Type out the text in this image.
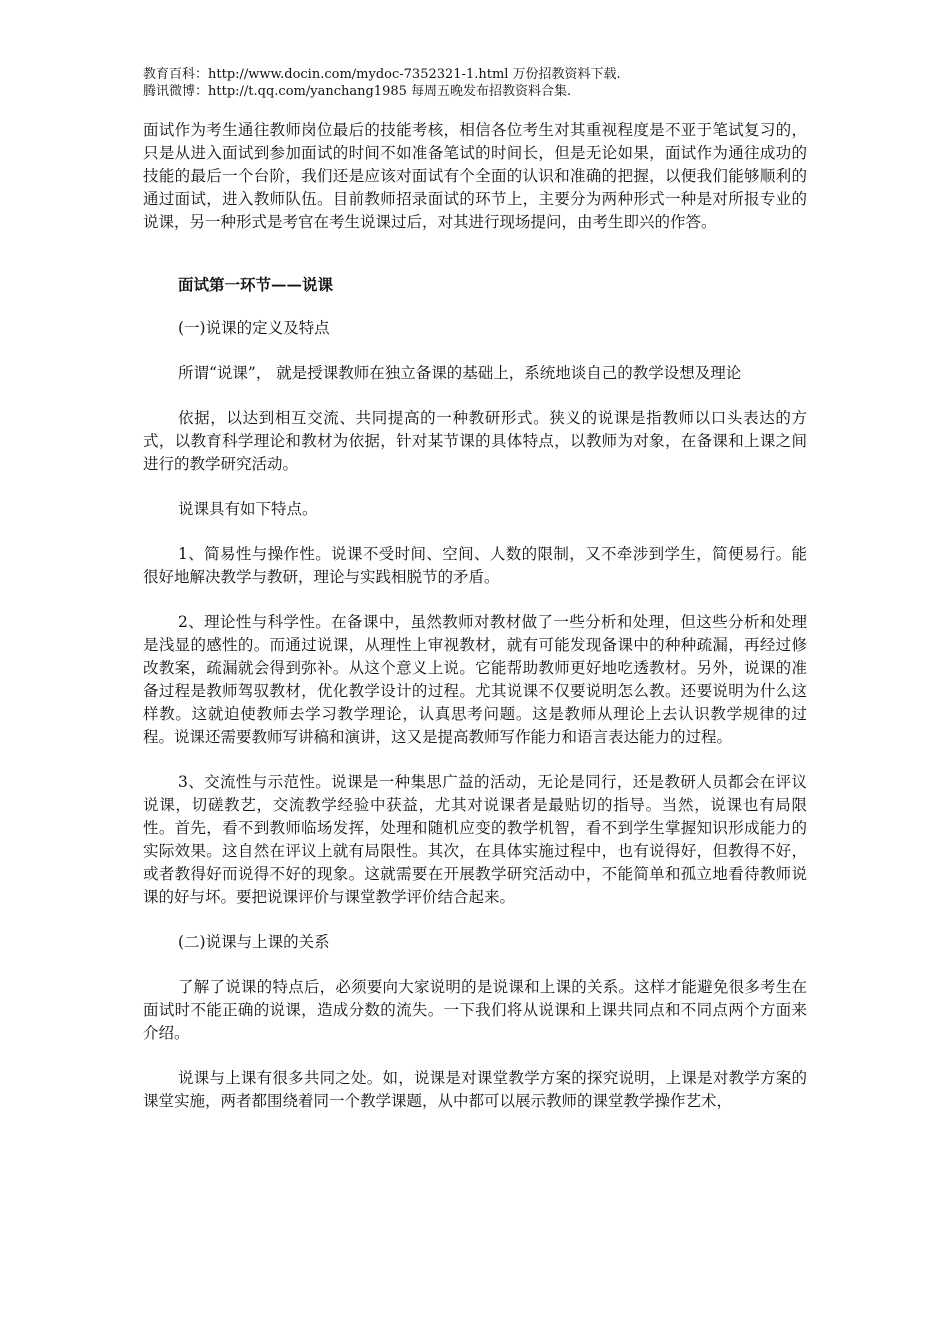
教育百科：http://www.docin.com/mydoc-7352321-1.html 万份招教资料下载.
腾讯微博：http://t.qq.com/yanchang1985 每周五晚发布招教资料合集.

面试作为考生通往教师岗位最后的技能考核，相信各位考生对其重视程度是不亚于笔试复习的，只是从进入面试到参加面试的时间不如准备笔试的时间长，但是无论如果，面试作为通往成功的技能的最后一个台阶，我们还是应该对面试有个全面的认识和准确的把握，以便我们能够顺利的通过面试，进入教师队伍。目前教师招录面试的环节上，主要分为两种形式一种是对所报专业的说课，另一种形式是考官在考生说课过后，对其进行现场提问，由考生即兴的作答。

面试第一环节——说课

(一)说课的定义及特点

所谓“说课”， 就是授课教师在独立备课的基础上，系统地谈自己的教学设想及理论

依据，以达到相互交流、共同提高的一种教研形式。狭义的说课是指教师以口头表达的方式，以教育科学理论和教材为依据，针对某节课的具体特点，以教师为对象，在备课和上课之间进行的教学研究活动。

说课具有如下特点。

1、简易性与操作性。说课不受时间、空间、人数的限制，又不牵涉到学生，简便易行。能很好地解决教学与教研，理论与实践相脱节的矛盾。

2、理论性与科学性。在备课中，虽然教师对教材做了一些分析和处理，但这些分析和处理是浅显的感性的。而通过说课，从理性上审视教材，就有可能发现备课中的种种疏漏，再经过修改教案，疏漏就会得到弥补。从这个意义上说。它能帮助教师更好地吃透教材。另外，说课的准备过程是教师驾驭教材，优化教学设计的过程。尤其说课不仅要说明怎么教。还要说明为什么这样教。这就迫使教师去学习教学理论，认真思考问题。这是教师从理论上去认识教学规律的过程。说课还需要教师写讲稿和演讲，这又是提高教师写作能力和语言表达能力的过程。

3、交流性与示范性。说课是一种集思广益的活动，无论是同行，还是教研人员都会在评议说课，切磋教艺，交流教学经验中获益，尤其对说课者是最贴切的指导。当然，说课也有局限性。首先，看不到教师临场发挥，处理和随机应变的教学机智，看不到学生掌握知识形成能力的实际效果。这自然在评议上就有局限性。其次，在具体实施过程中，也有说得好，但教得不好，或者教得好而说得不好的现象。这就需要在开展教学研究活动中，不能简单和孤立地看待教师说课的好与坏。要把说课评价与课堂教学评价结合起来。

(二)说课与上课的关系

了解了说课的特点后，必须要向大家说明的是说课和上课的关系。这样才能避免很多考生在面试时不能正确的说课，造成分数的流失。一下我们将从说课和上课共同点和不同点两个方面来介绍。

说课与上课有很多共同之处。如，说课是对课堂教学方案的探究说明，上课是对教学方案的课堂实施，两者都围绕着同一个教学课题，从中都可以展示教师的课堂教学操作艺术，
